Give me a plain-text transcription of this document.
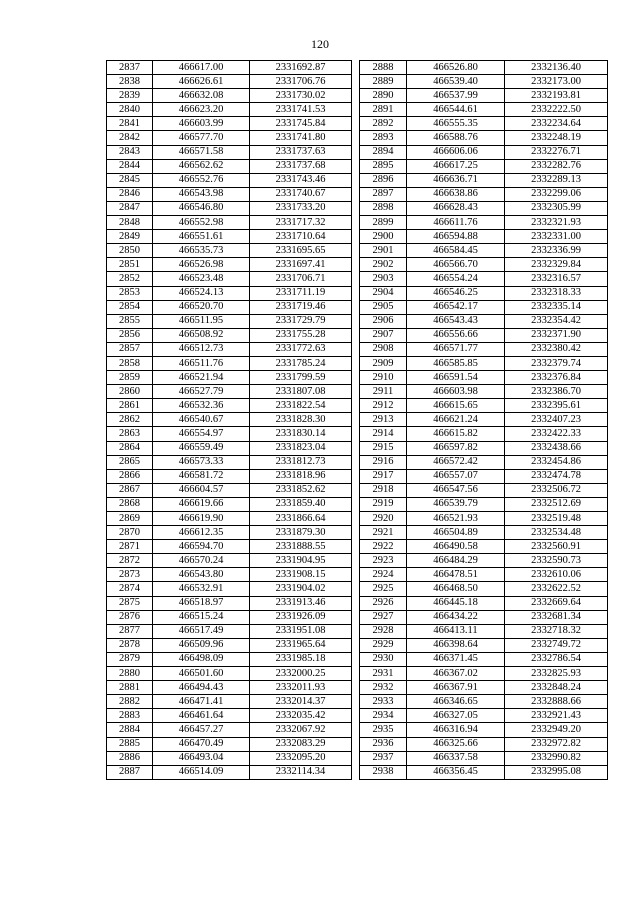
120
2837	466617.00	2331692.87
2838	466626.61	2331706.76
2839	466632.08	2331730.02
2840	466623.20	2331741.53
2841	466603.99	2331745.84
2842	466577.70	2331741.80
2843	466571.58	2331737.63
2844	466562.62	2331737.68
2845	466552.76	2331743.46
2846	466543.98	2331740.67
2847	466546.80	2331733.20
2848	466552.98	2331717.32
2849	466551.61	2331710.64
2850	466535.73	2331695.65
2851	466526.98	2331697.41
2852	466523.48	2331706.71
2853	466524.13	2331711.19
2854	466520.70	2331719.46
2855	466511.95	2331729.79
2856	466508.92	2331755.28
2857	466512.73	2331772.63
2858	466511.76	2331785.24
2859	466521.94	2331799.59
2860	466527.79	2331807.08
2861	466532.36	2331822.54
2862	466540.67	2331828.30
2863	466554.97	2331830.14
2864	466559.49	2331823.04
2865	466573.33	2331812.73
2866	466581.72	2331818.96
2867	466604.57	2331852.62
2868	466619.66	2331859.40
2869	466619.90	2331866.64
2870	466612.35	2331879.30
2871	466594.70	2331888.55
2872	466570.24	2331904.95
2873	466543.80	2331908.15
2874	466532.91	2331904.02
2875	466518.97	2331913.46
2876	466515.24	2331926.09
2877	466517.49	2331951.08
2878	466509.96	2331965.64
2879	466498.09	2331985.18
2880	466501.60	2332000.25
2881	466494.43	2332011.93
2882	466471.41	2332014.37
2883	466461.64	2332035.42
2884	466457.27	2332067.92
2885	466470.49	2332083.29
2886	466493.04	2332095.20
2887	466514.09	2332114.34
2888	466526.80	2332136.40
2889	466539.40	2332173.00
2890	466537.99	2332193.81
2891	466544.61	2332222.50
2892	466555.35	2332234.64
2893	466588.76	2332248.19
2894	466606.06	2332276.71
2895	466617.25	2332282.76
2896	466636.71	2332289.13
2897	466638.86	2332299.06
2898	466628.43	2332305.99
2899	466611.76	2332321.93
2900	466594.88	2332331.00
2901	466584.45	2332336.99
2902	466566.70	2332329.84
2903	466554.24	2332316.57
2904	466546.25	2332318.33
2905	466542.17	2332335.14
2906	466543.43	2332354.42
2907	466556.66	2332371.90
2908	466571.77	2332380.42
2909	466585.85	2332379.74
2910	466591.54	2332376.84
2911	466603.98	2332386.70
2912	466615.65	2332395.61
2913	466621.24	2332407.23
2914	466615.82	2332422.33
2915	466597.82	2332438.66
2916	466572.42	2332454.86
2917	466557.07	2332474.78
2918	466547.56	2332506.72
2919	466539.79	2332512.69
2920	466521.93	2332519.48
2921	466504.89	2332534.48
2922	466490.58	2332560.91
2923	466484.29	2332590.73
2924	466478.51	2332610.06
2925	466468.50	2332622.52
2926	466445.18	2332669.64
2927	466434.22	2332681.34
2928	466413.11	2332718.32
2929	466398.64	2332749.72
2930	466371.45	2332786.54
2931	466367.02	2332825.93
2932	466367.91	2332848.24
2933	466346.65	2332888.66
2934	466327.05	2332921.43
2935	466316.94	2332949.20
2936	466325.66	2332972.82
2937	466337.58	2332990.82
2938	466356.45	2332995.08
